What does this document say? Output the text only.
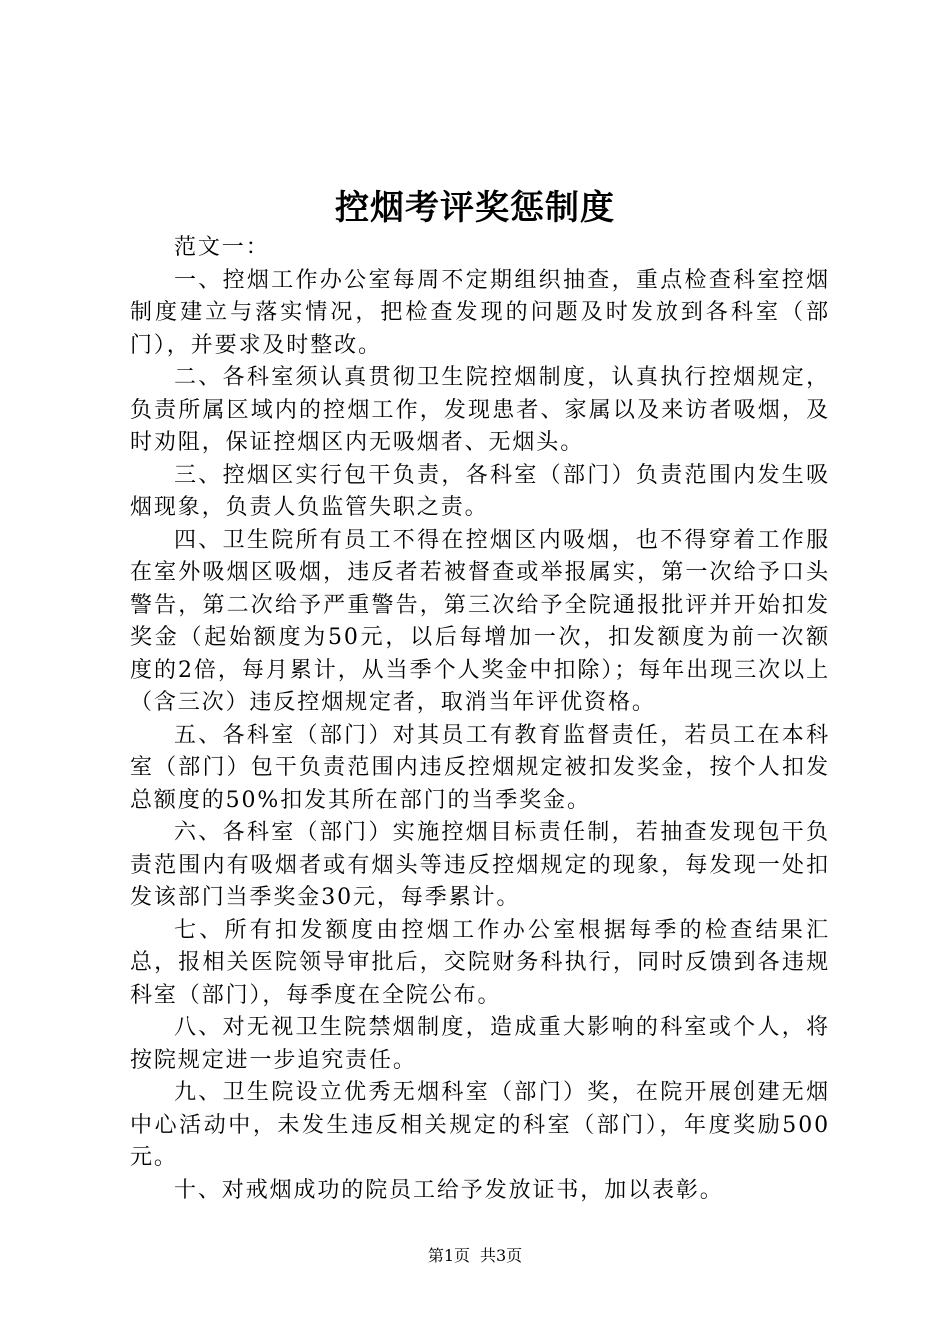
控烟考评奖惩制度

范文一：

一、控烟工作办公室每周不定期组织抽查，重点检查科室控烟制度建立与落实情况，把检查发现的问题及时发放到各科室（部门），并要求及时整改。

二、各科室须认真贯彻卫生院控烟制度，认真执行控烟规定，负责所属区域内的控烟工作，发现患者、家属以及来访者吸烟，及时劝阻，保证控烟区内无吸烟者、无烟头。

三、控烟区实行包干负责，各科室（部门）负责范围内发生吸烟现象，负责人负监管失职之责。

四、卫生院所有员工不得在控烟区内吸烟，也不得穿着工作服在室外吸烟区吸烟，违反者若被督查或举报属实，第一次给予口头警告，第二次给予严重警告，第三次给予全院通报批评并开始扣发奖金（起始额度为50元，以后每增加一次，扣发额度为前一次额度的2倍，每月累计，从当季个人奖金中扣除）；每年出现三次以上（含三次）违反控烟规定者，取消当年评优资格。

五、各科室（部门）对其员工有教育监督责任，若员工在本科室（部门）包干负责范围内违反控烟规定被扣发奖金，按个人扣发总额度的50%扣发其所在部门的当季奖金。

六、各科室（部门）实施控烟目标责任制，若抽查发现包干负责范围内有吸烟者或有烟头等违反控烟规定的现象，每发现一处扣发该部门当季奖金30元，每季累计。

七、所有扣发额度由控烟工作办公室根据每季的检查结果汇总，报相关医院领导审批后，交院财务科执行，同时反馈到各违规科室（部门），每季度在全院公布。

八、对无视卫生院禁烟制度，造成重大影响的科室或个人，将按院规定进一步追究责任。

九、卫生院设立优秀无烟科室（部门）奖，在院开展创建无烟中心活动中，未发生违反相关规定的科室（部门），年度奖励500元。

十、对戒烟成功的院员工给予发放证书，加以表彰。

第1页 共3页
